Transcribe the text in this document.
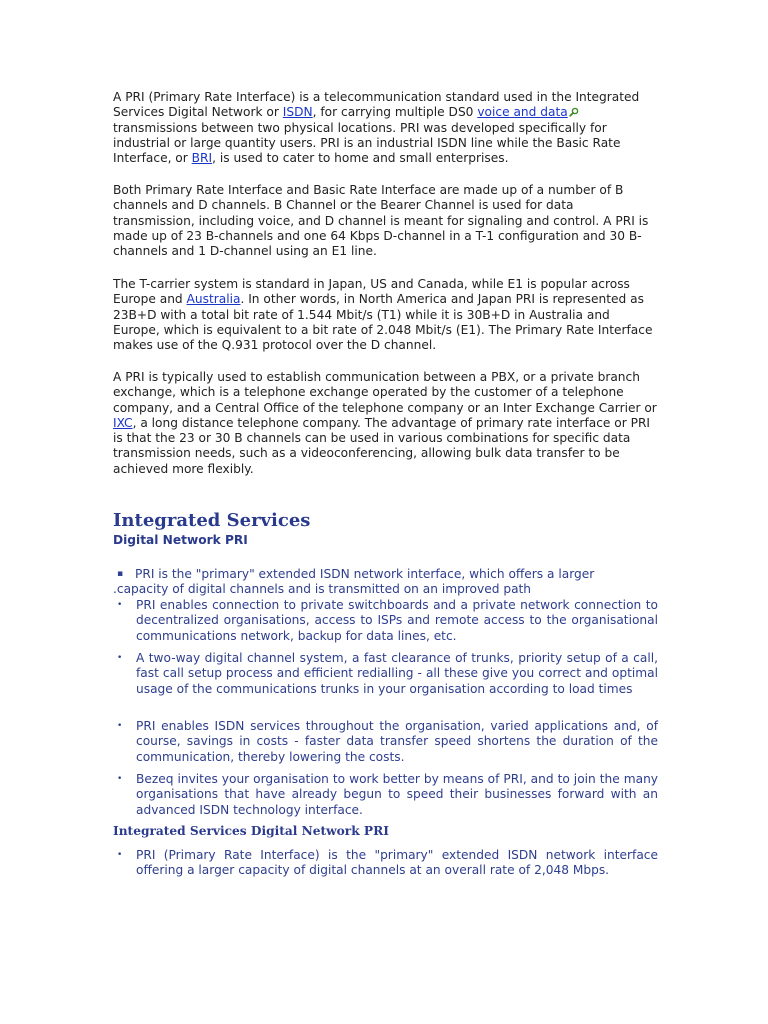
A PRI (Primary Rate Interface) is a telecommunication standard used in the Integrated Services Digital Network or ISDN, for carrying multiple DS0 voice and data transmissions between two physical locations. PRI was developed specifically for industrial or large quantity users. PRI is an industrial ISDN line while the Basic Rate Interface, or BRI, is used to cater to home and small enterprises.

Both Primary Rate Interface and Basic Rate Interface are made up of a number of B channels and D channels. B Channel or the Bearer Channel is used for data transmission, including voice, and D channel is meant for signaling and control. A PRI is made up of 23 B-channels and one 64 Kbps D-channel in a T-1 configuration and 30 B-channels and 1 D-channel using an E1 line.

The T-carrier system is standard in Japan, US and Canada, while E1 is popular across Europe and Australia. In other words, in North America and Japan PRI is represented as 23B+D with a total bit rate of 1.544 Mbit/s (T1) while it is 30B+D in Australia and Europe, which is equivalent to a bit rate of 2.048 Mbit/s (E1). The Primary Rate Interface makes use of the Q.931 protocol over the D channel.

A PRI is typically used to establish communication between a PBX, or a private branch exchange, which is a telephone exchange operated by the customer of a telephone company, and a Central Office of the telephone company or an Inter Exchange Carrier or IXC, a long distance telephone company. The advantage of primary rate interface or PRI is that the 23 or 30 B channels can be used in various combinations for specific data transmission needs, such as a videoconferencing, allowing bulk data transfer to be achieved more flexibly.

Integrated Services
Digital Network PRI
▪ PRI is the "primary" extended ISDN network interface, which offers a larger
.capacity of digital channels and is transmitted on an improved path
•	PRI enables connection to private switchboards and a private network connection to decentralized organisations, access to ISPs and remote access to the organisational communications network, backup for data lines, etc.
•	A two-way digital channel system, a fast clearance of trunks, priority setup of a call, fast call setup process and efficient redialling - all these give you correct and optimal usage of the communications trunks in your organisation according to load times
•	PRI enables ISDN services throughout the organisation, varied applications and, of course, savings in costs - faster data transfer speed shortens the duration of the communication, thereby lowering the costs.
•	Bezeq invites your organisation to work better by means of PRI, and to join the many organisations that have already begun to speed their businesses forward with an advanced ISDN technology interface.
Integrated Services Digital Network PRI
•	PRI (Primary Rate Interface) is the "primary" extended ISDN network interface offering a larger capacity of digital channels at an overall rate of 2,048 Mbps.
